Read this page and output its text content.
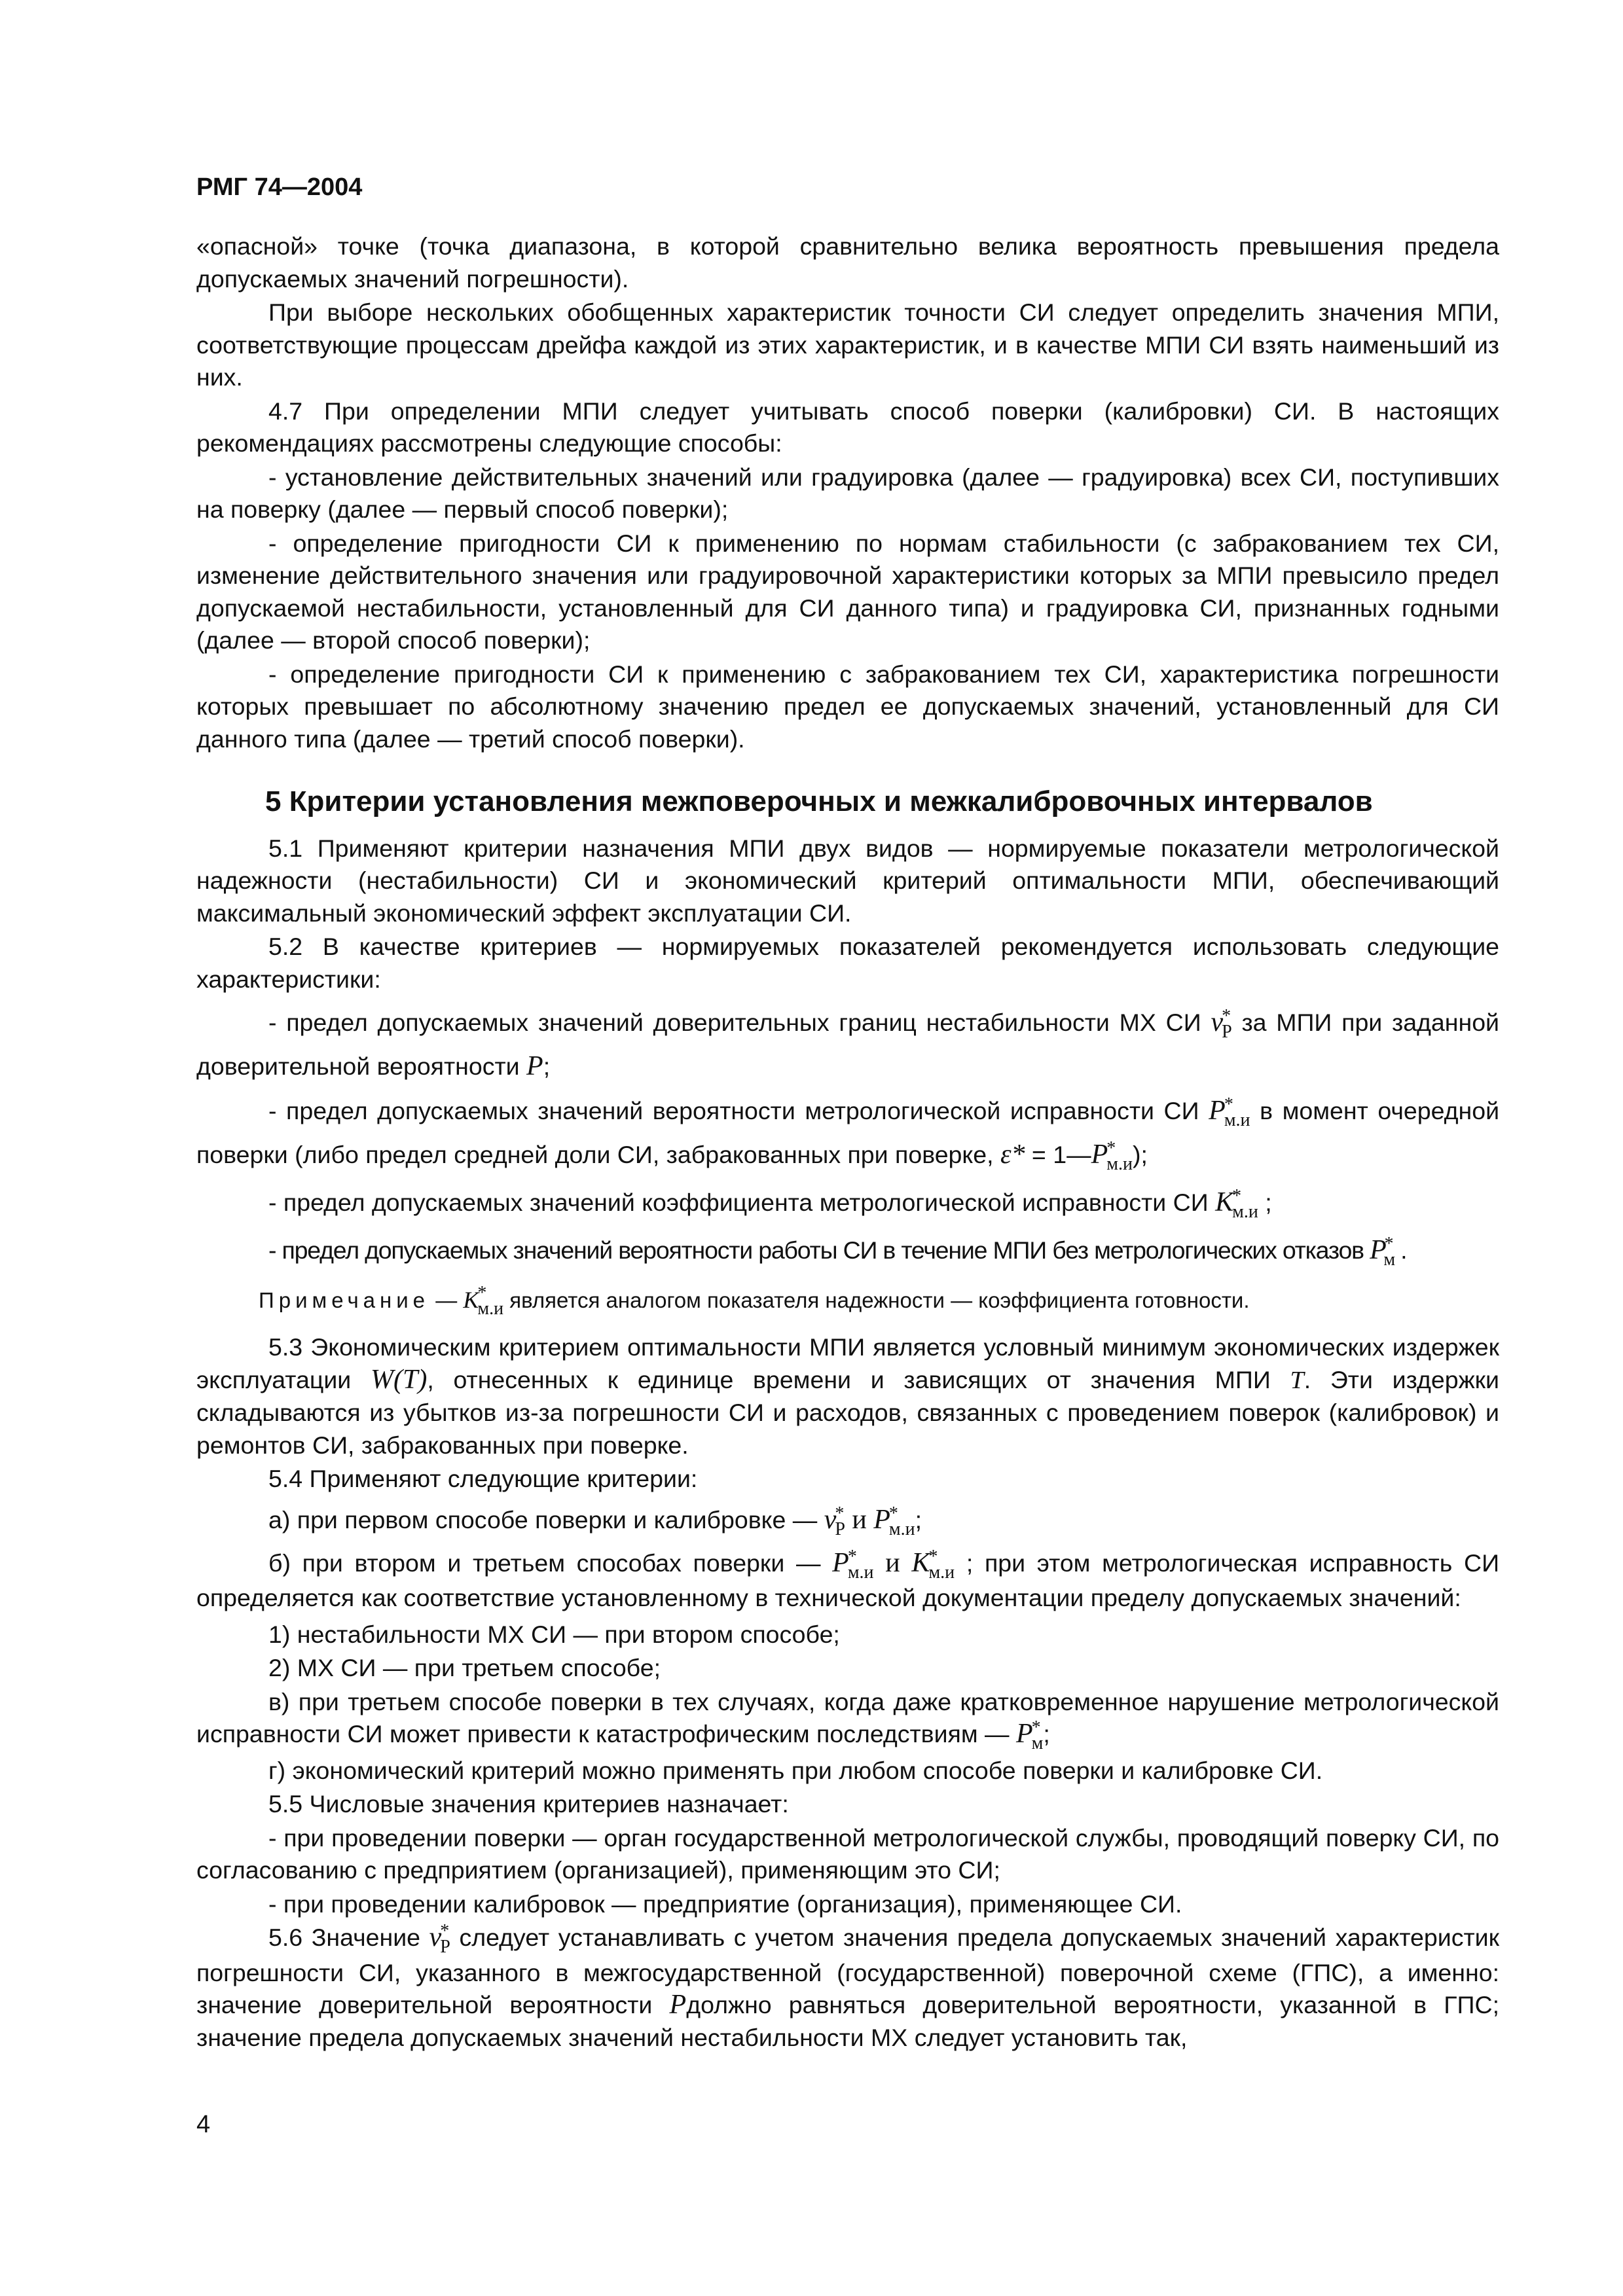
РМГ 74—2004

«опасной» точке (точка диапазона, в которой сравнительно велика вероятность превышения предела допускаемых значений погрешности).

При выборе нескольких обобщенных характеристик точности СИ следует определить значения МПИ, соответствующие процессам дрейфа каждой из этих характеристик, и в качестве МПИ СИ взять наименьший из них.

4.7 При определении МПИ следует учитывать способ поверки (калибровки) СИ. В настоящих рекомендациях рассмотрены следующие способы:

- установление действительных значений или градуировка (далее — градуировка) всех СИ, поступивших на поверку (далее — первый способ поверки);

- определение пригодности СИ к применению по нормам стабильности (с забракованием тех СИ, изменение действительного значения или градуировочной характеристики которых за МПИ превысило предел допускаемой нестабильности, установленный для СИ данного типа) и градуировка СИ, признанных годными (далее — второй способ поверки);

- определение пригодности СИ к применению с забракованием тех СИ, характеристика погрешности которых превышает по абсолютному значению предел ее допускаемых значений, установленный для СИ данного типа (далее — третий способ поверки).

5 Критерии установления межповерочных и межкалибровочных интервалов

5.1 Применяют критерии назначения МПИ двух видов — нормируемые показатели метрологической надежности (нестабильности) СИ и экономический критерий оптимальности МПИ, обеспечивающий максимальный экономический эффект эксплуатации СИ.

5.2 В качестве критериев — нормируемых показателей рекомендуется использовать следующие характеристики:

- предел допускаемых значений доверительных границ нестабильности МХ СИ $\nu^*_P$ за МПИ при заданной доверительной вероятности P;

- предел допускаемых значений вероятности метрологической исправности СИ $P^*_{м.и}$ в момент очередной поверки (либо предел средней доли СИ, забракованных при поверке, $\varepsilon* = 1—P^*_{м.и}$);

- предел допускаемых значений коэффициента метрологической исправности СИ $K^*_{м.и}$ ;

- предел допускаемых значений вероятности работы СИ в течение МПИ без метрологических отказов $P^*_м$ .

Примечание — $K^*_{м.и}$ является аналогом показателя надежности — коэффициента готовности.

5.3 Экономическим критерием оптимальности МПИ является условный минимум экономических издержек эксплуатации W(T), отнесенных к единице времени и зависящих от значения МПИ T. Эти издержки складываются из убытков из-за погрешности СИ и расходов, связанных с проведением поверок (калибровок) и ремонтов СИ, забракованных при поверке.

5.4 Применяют следующие критерии:

а) при первом способе поверки и калибровке — $\nu^*_P$ и $P^*_{м.и}$;

б) при втором и третьем способах поверки — $P^*_{м.и}$ и $K^*_{м.и}$ ; при этом метрологическая исправность СИ определяется как соответствие установленному в технической документации пределу допускаемых значений:

1) нестабильности МХ СИ — при втором способе;

2) МХ СИ — при третьем способе;

в) при третьем способе поверки в тех случаях, когда даже кратковременное нарушение метрологической исправности СИ может привести к катастрофическим последствиям — $P^*_м$;

г) экономический критерий можно применять при любом способе поверки и калибровке СИ.

5.5 Числовые значения критериев назначает:

- при проведении поверки — орган государственной метрологической службы, проводящий поверку СИ, по согласованию с предприятием (организацией), применяющим это СИ;

- при проведении калибровок — предприятие (организация), применяющее СИ.

5.6 Значение $\nu^*_P$ следует устанавливать с учетом значения предела допускаемых значений характеристик погрешности СИ, указанного в межгосударственной (государственной) поверочной схеме (ГПС), а именно: значение доверительной вероятности Pдолжно равняться доверительной вероятности, указанной в ГПС; значение предела допускаемых значений нестабильности МХ следует установить так,

4
